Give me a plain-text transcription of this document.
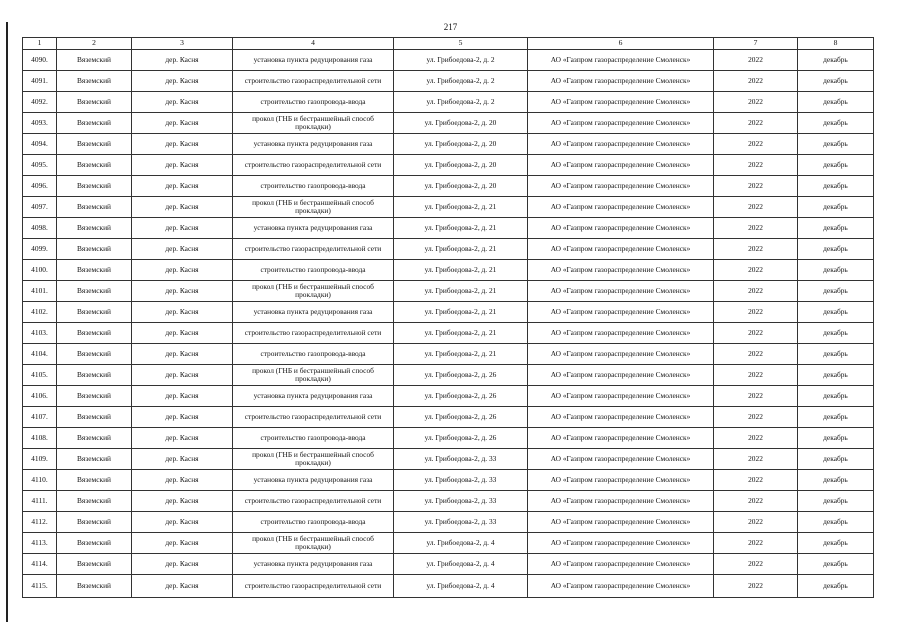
217
1	2	3	4	5	6	7	8
4090.	Вяземский	дер. Касня	установка пункта редуцирования газа	ул. Грибоедова-2, д. 2	АО «Газпром газораспределение Смоленск»	2022	декабрь
4091.	Вяземский	дер. Касня	строительство газораспределительной сети	ул. Грибоедова-2, д. 2	АО «Газпром газораспределение Смоленск»	2022	декабрь
4092.	Вяземский	дер. Касня	строительство газопровода-ввода	ул. Грибоедова-2, д. 2	АО «Газпром газораспределение Смоленск»	2022	декабрь
4093.	Вяземский	дер. Касня	прокол (ГНБ и бестраншейный способ прокладки)	ул. Грибоедова-2, д. 20	АО «Газпром газораспределение Смоленск»	2022	декабрь
4094.	Вяземский	дер. Касня	установка пункта редуцирования газа	ул. Грибоедова-2, д. 20	АО «Газпром газораспределение Смоленск»	2022	декабрь
4095.	Вяземский	дер. Касня	строительство газораспределительной сети	ул. Грибоедова-2, д. 20	АО «Газпром газораспределение Смоленск»	2022	декабрь
4096.	Вяземский	дер. Касня	строительство газопровода-ввода	ул. Грибоедова-2, д. 20	АО «Газпром газораспределение Смоленск»	2022	декабрь
4097.	Вяземский	дер. Касня	прокол (ГНБ и бестраншейный способ прокладки)	ул. Грибоедова-2, д. 21	АО «Газпром газораспределение Смоленск»	2022	декабрь
4098.	Вяземский	дер. Касня	установка пункта редуцирования газа	ул. Грибоедова-2, д. 21	АО «Газпром газораспределение Смоленск»	2022	декабрь
4099.	Вяземский	дер. Касня	строительство газораспределительной сети	ул. Грибоедова-2, д. 21	АО «Газпром газораспределение Смоленск»	2022	декабрь
4100.	Вяземский	дер. Касня	строительство газопровода-ввода	ул. Грибоедова-2, д. 21	АО «Газпром газораспределение Смоленск»	2022	декабрь
4101.	Вяземский	дер. Касня	прокол (ГНБ и бестраншейный способ прокладки)	ул. Грибоедова-2, д. 21	АО «Газпром газораспределение Смоленск»	2022	декабрь
4102.	Вяземский	дер. Касня	установка пункта редуцирования газа	ул. Грибоедова-2, д. 21	АО «Газпром газораспределение Смоленск»	2022	декабрь
4103.	Вяземский	дер. Касня	строительство газораспределительной сети	ул. Грибоедова-2, д. 21	АО «Газпром газораспределение Смоленск»	2022	декабрь
4104.	Вяземский	дер. Касня	строительство газопровода-ввода	ул. Грибоедова-2, д. 21	АО «Газпром газораспределение Смоленск»	2022	декабрь
4105.	Вяземский	дер. Касня	прокол (ГНБ и бестраншейный способ прокладки)	ул. Грибоедова-2, д. 26	АО «Газпром газораспределение Смоленск»	2022	декабрь
4106.	Вяземский	дер. Касня	установка пункта редуцирования газа	ул. Грибоедова-2, д. 26	АО «Газпром газораспределение Смоленск»	2022	декабрь
4107.	Вяземский	дер. Касня	строительство газораспределительной сети	ул. Грибоедова-2, д. 26	АО «Газпром газораспределение Смоленск»	2022	декабрь
4108.	Вяземский	дер. Касня	строительство газопровода-ввода	ул. Грибоедова-2, д. 26	АО «Газпром газораспределение Смоленск»	2022	декабрь
4109.	Вяземский	дер. Касня	прокол (ГНБ и бестраншейный способ прокладки)	ул. Грибоедова-2, д. 33	АО «Газпром газораспределение Смоленск»	2022	декабрь
4110.	Вяземский	дер. Касня	установка пункта редуцирования газа	ул. Грибоедова-2, д. 33	АО «Газпром газораспределение Смоленск»	2022	декабрь
4111.	Вяземский	дер. Касня	строительство газораспределительной сети	ул. Грибоедова-2, д. 33	АО «Газпром газораспределение Смоленск»	2022	декабрь
4112.	Вяземский	дер. Касня	строительство газопровода-ввода	ул. Грибоедова-2, д. 33	АО «Газпром газораспределение Смоленск»	2022	декабрь
4113.	Вяземский	дер. Касня	прокол (ГНБ и бестраншейный способ прокладки)	ул. Грибоедова-2, д. 4	АО «Газпром газораспределение Смоленск»	2022	декабрь
4114.	Вяземский	дер. Касня	установка пункта редуцирования газа	ул. Грибоедова-2, д. 4	АО «Газпром газораспределение Смоленск»	2022	декабрь
4115.	Вяземский	дер. Касня	строительство газораспределительной сети	ул. Грибоедова-2, д. 4	АО «Газпром газораспределение Смоленск»	2022	декабрь
